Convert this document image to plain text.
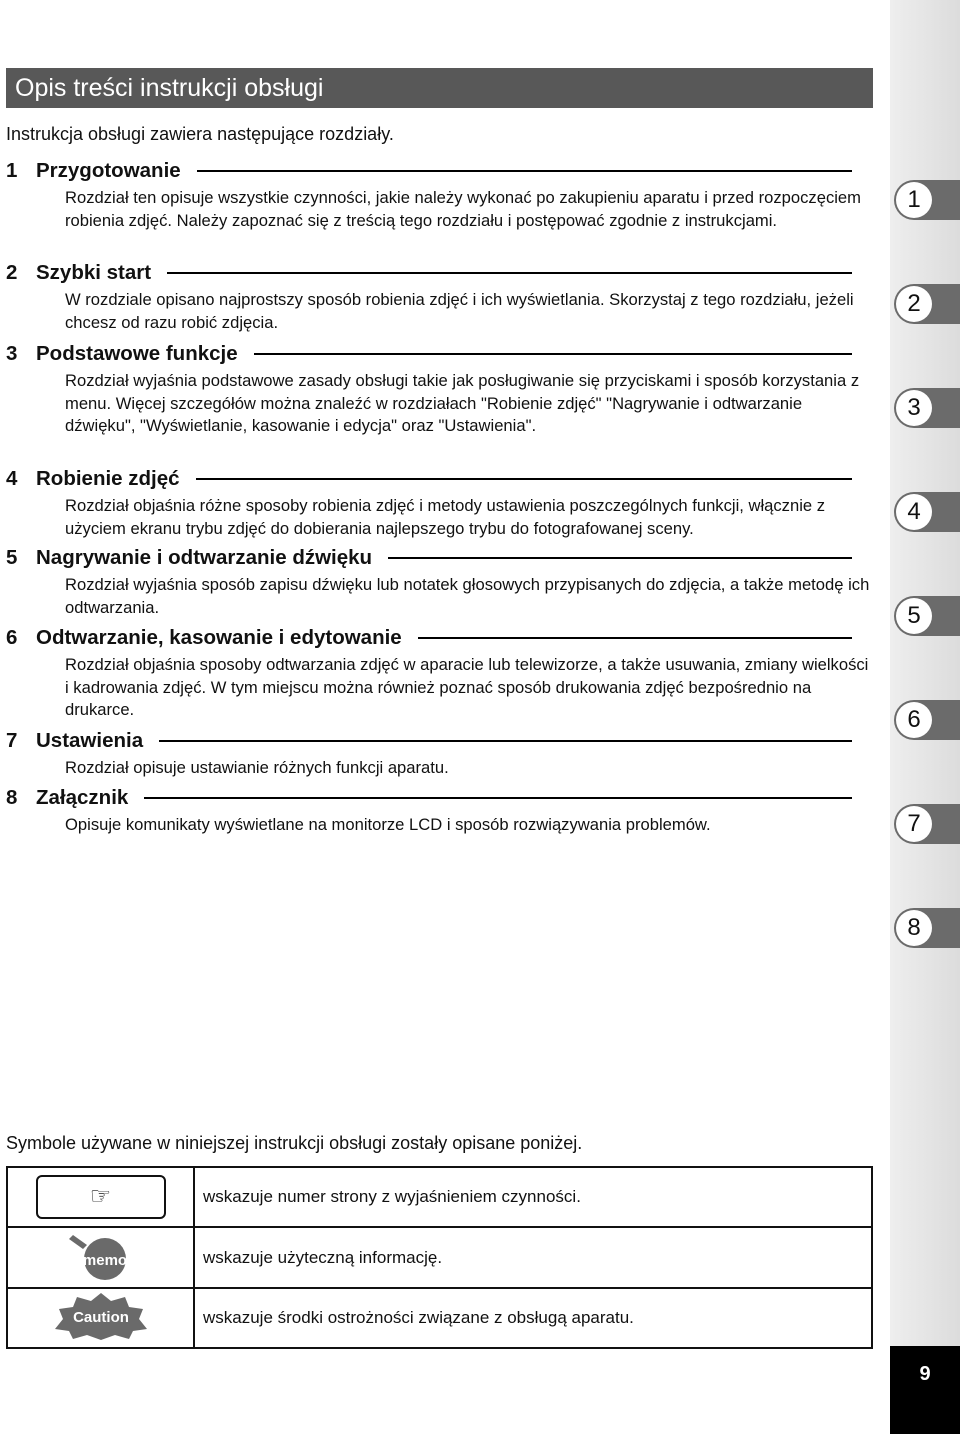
1
2
3
4
5
6
7
8
9
Opis treści instrukcji obsługi
Instrukcja obsługi zawiera następujące rozdziały.
1 Przygotowanie
Rozdział ten opisuje wszystkie czynności, jakie należy wykonać po zakupieniu aparatu i przed rozpoczęciem robienia zdjęć. Należy zapoznać się z treścią tego rozdziału i postępować zgodnie z instrukcjami.
2 Szybki start
W rozdziale opisano najprostszy sposób robienia zdjęć i ich wyświetlania. Skorzystaj z tego rozdziału, jeżeli chcesz od razu robić zdjęcia.
3 Podstawowe funkcje
Rozdział wyjaśnia podstawowe zasady obsługi takie jak posługiwanie się przyciskami i sposób korzystania z menu. Więcej szczegółów można znaleźć w rozdziałach "Robienie zdjęć" "Nagrywanie i odtwarzanie dźwięku", "Wyświetlanie, kasowanie i edycja" oraz "Ustawienia".
4 Robienie zdjęć
Rozdział objaśnia różne sposoby robienia zdjęć i metody ustawienia poszczególnych funkcji, włącznie z użyciem ekranu trybu zdjęć do dobierania najlepszego trybu do fotografowanej sceny.
5 Nagrywanie i odtwarzanie dźwięku
Rozdział wyjaśnia sposób zapisu dźwięku lub notatek głosowych przypisanych do zdjęcia, a także metodę ich odtwarzania.
6 Odtwarzanie, kasowanie i edytowanie
Rozdział objaśnia sposoby odtwarzania zdjęć w aparacie lub telewizorze, a także usuwania, zmiany wielkości i kadrowania zdjęć. W tym miejscu można również poznać sposób drukowania zdjęć bezpośrednio na drukarce.
7 Ustawienia
Rozdział opisuje ustawianie różnych funkcji aparatu.
8 Załącznik
Opisuje komunikaty wyświetlane na monitorze LCD i sposób rozwiązywania problemów.
Symbole używane w niniejszej instrukcji obsługi zostały opisane poniżej.
☞	wskazuje numer strony z wyjaśnieniem czynności.

memo	wskazuje użyteczną informację.

Caution	wskazuje środki ostrożności związane z obsługą aparatu.
